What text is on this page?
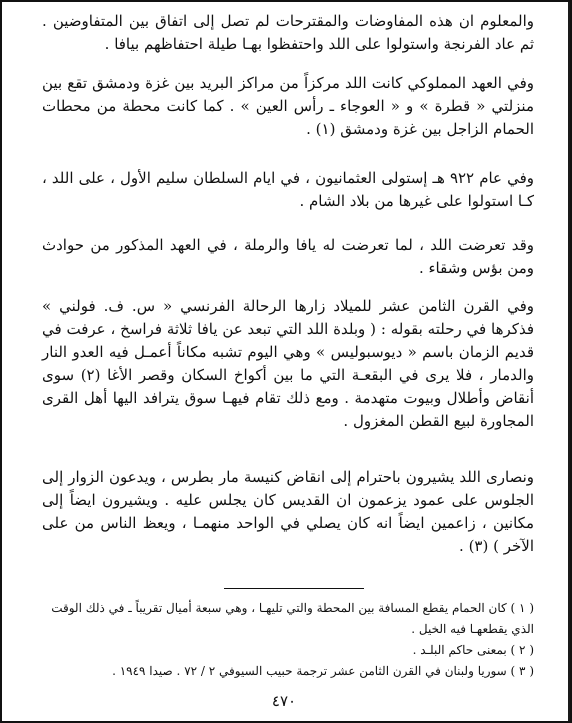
والمعلوم ان هذه المفاوضات والمقترحات لم تصل إلى اتفاق بين المتفاوضين . ثم عاد الفرنجة واستولوا على اللد واحتفظوا بهـا طيلة احتفاظهم بيافا .
وفي العهد المملوكي كانت اللد مركزاً من مراكز البريد بين غزة ودمشق تقع بين منزلتي « قطرة » و « العوجاء ـ رأس العين » . كما كانت محطة من محطات الحمام الزاجل بين غزة ودمشق (١) .
وفي عام ٩٢٢ هـ إستولى العثمانيون ، في ايام السلطان سليم الأول ، على اللد ، كـا استولوا على غيرها من بلاد الشام .
وقد تعرضت اللد ، لما تعرضت له يافا والرملة ، في العهد المذكور من حوادث ومن بؤس وشقاء .
وفي القرن الثامن عشر للميلاد زارها الرحالة الفرنسي « س. ف. فولني » فذكرها في رحلته بقوله : ( وبلدة اللد التي تبعد عن يافا ثلاثة فراسخ ، عرفت في قديم الزمان باسم « ديوسبوليس » وهي اليوم تشبه مكاناً أعمـل فيه العدو النار والدمار ، فلا يرى في البقعـة التي ما بين أكواخ السكان وقصر الأغا (٢) سوى أنقاض وأطلال وبيوت متهدمة . ومع ذلك تقام فيهـا سوق يترافد اليها أهل القرى المجاورة لبيع القطن المغزول .
ونصارى اللد يشيرون باحترام إلى انقاض كنيسة مار بطرس ، ويدعون الزوار إلى الجلوس على عمود يزعمون ان القديس كان يجلس عليه . ويشيرون ايضاً إلى مكانين ، زاعمين ايضاً انه كان يصلي في الواحد منهمـا ، ويعظ الناس من على الآخر ) (٣) .
( ١ ) كان الحمام يقطع المسافة بين المحطة والتي تليهـا ، وهي سبعة أميال تقريباً ـ في ذلك الوقت الذي يقطعهـا فيه الخيل .
( ٢ ) بمعنى حاكم البلـد .
( ٣ ) سوريا ولبنان في القرن الثامن عشر ترجمة حبيب السيوفي ٢ / ٧٢ . صيدا ١٩٤٩ .
٤٧٠
